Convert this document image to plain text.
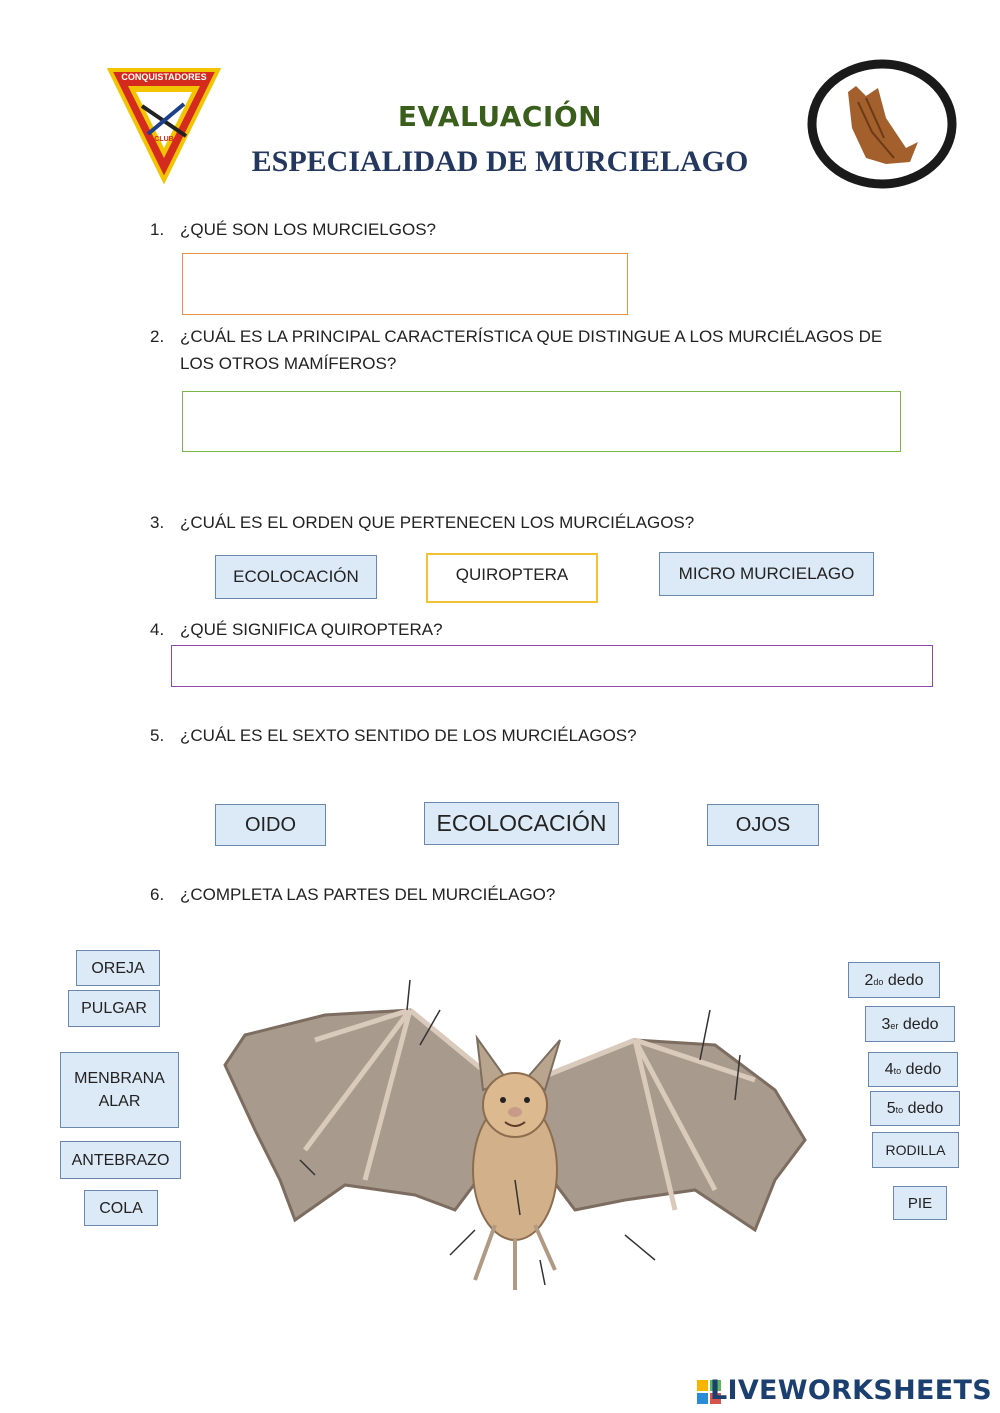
CONQUISTADORES
CLUB
EVALUACIÓN
ESPECIALIDAD DE MURCIELAGO
1. ¿QUÉ SON LOS MURCIELGOS?
2. ¿CUÁL ES LA PRINCIPAL CARACTERÍSTICA QUE DISTINGUE A LOS MURCIÉLAGOS DE
LOS OTROS MAMÍFEROS?
3. ¿CUÁL ES EL ORDEN QUE PERTENECEN LOS MURCIÉLAGOS?
ECOLOCACIÓN	QUIROPTERA	MICRO MURCIELAGO
4. ¿QUÉ SIGNIFICA QUIROPTERA?
5. ¿CUÁL ES EL SEXTO SENTIDO DE LOS MURCIÉLAGOS?
OIDO	ECOLOCACIÓN	OJOS
6. ¿COMPLETA LAS PARTES DEL MURCIÉLAGO?
OREJA
PULGAR
MENBRANA
ALAR
ANTEBRAZO
COLA
$2_{do}$
dedo
$3_{er}$
dedo
$4_{to}$
dedo
$5_{to}$
dedo
RODILLA
PIE
LIVEWORKSHEETS
